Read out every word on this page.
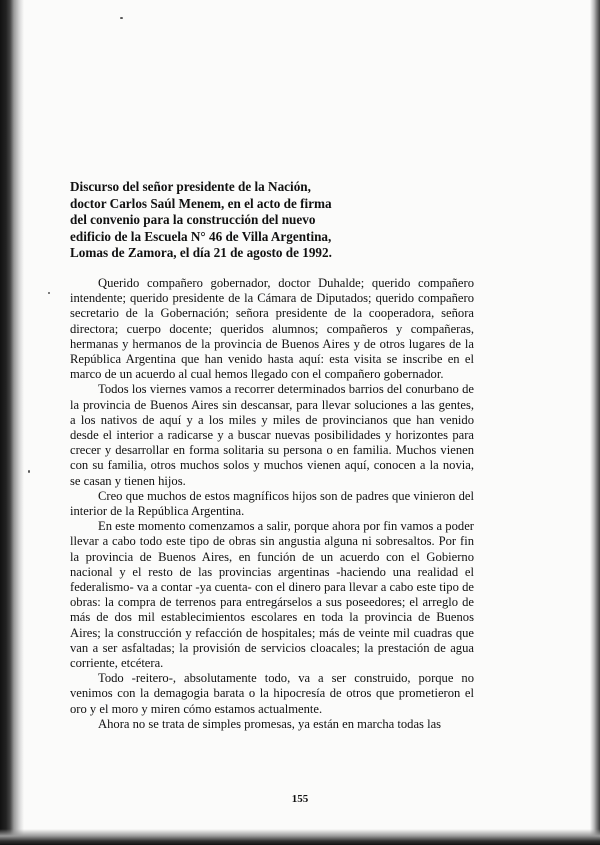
Discurso del señor presidente de la Nación,
doctor Carlos Saúl Menem, en el acto de firma
del convenio para la construcción del nuevo
edificio de la Escuela N° 46 de Villa Argentina,
Lomas de Zamora, el día 21 de agosto de 1992.

Querido compañero gobernador, doctor Duhalde; querido compañero intendente; querido presidente de la Cámara de Diputados; querido compañero secretario de la Gobernación; señora presidente de la cooperadora, señora directora; cuerpo docente; queridos alumnos; compañeros y compañeras, hermanas y hermanos de la provincia de Buenos Aires y de otros lugares de la República Argentina que han venido hasta aquí: esta visita se inscribe en el marco de un acuerdo al cual hemos llegado con el compañero gobernador.

Todos los viernes vamos a recorrer determinados barrios del conurbano de la provincia de Buenos Aires sin descansar, para llevar soluciones a las gentes, a los nativos de aquí y a los miles y miles de provincianos que han venido desde el interior a radicarse y a buscar nuevas posibilidades y horizontes para crecer y desarrollar en forma solitaria su persona o en familia. Muchos vienen con su familia, otros muchos solos y muchos vienen aquí, conocen a la novia, se casan y tienen hijos.

Creo que muchos de estos magníficos hijos son de padres que vinieron del interior de la República Argentina.

En este momento comenzamos a salir, porque ahora por fin vamos a poder llevar a cabo todo este tipo de obras sin angustia alguna ni sobresaltos. Por fin la provincia de Buenos Aires, en función de un acuerdo con el Gobierno nacional y el resto de las provincias argentinas -haciendo una realidad el federalismo- va a contar -ya cuenta- con el dinero para llevar a cabo este tipo de obras: la compra de terrenos para entregárselos a sus poseedores; el arreglo de más de dos mil establecimientos escolares en toda la provincia de Buenos Aires; la construcción y refacción de hospitales; más de veinte mil cuadras que van a ser asfaltadas; la provisión de servicios cloacales; la prestación de agua corriente, etcétera.

Todo -reitero-, absolutamente todo, va a ser construido, porque no venimos con la demagogia barata o la hipocresía de otros que prometieron el oro y el moro y miren cómo estamos actualmente.

Ahora no se trata de simples promesas, ya están en marcha todas las

155
